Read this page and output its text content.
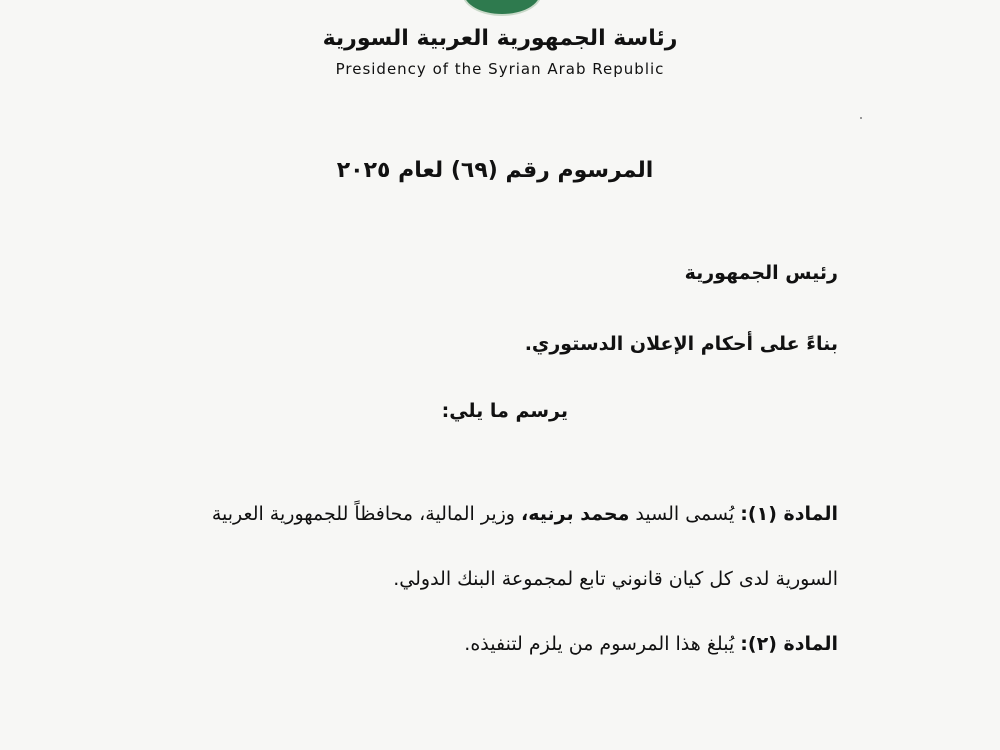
رئاسة الجمهورية العربية السورية
Presidency of the Syrian Arab Republic
المرسوم رقم (٦٩) لعام ٢٠٢٥
رئيس الجمهورية
بناءً على أحكام الإعلان الدستوري.
يرسم ما يلي:
المادة (١): يُسمى السيد محمد برنيه، وزير المالية، محافظاً للجمهورية العربية
السورية لدى كل كيان قانوني تابع لمجموعة البنك الدولي.
المادة (٢): يُبلغ هذا المرسوم من يلزم لتنفيذه.
